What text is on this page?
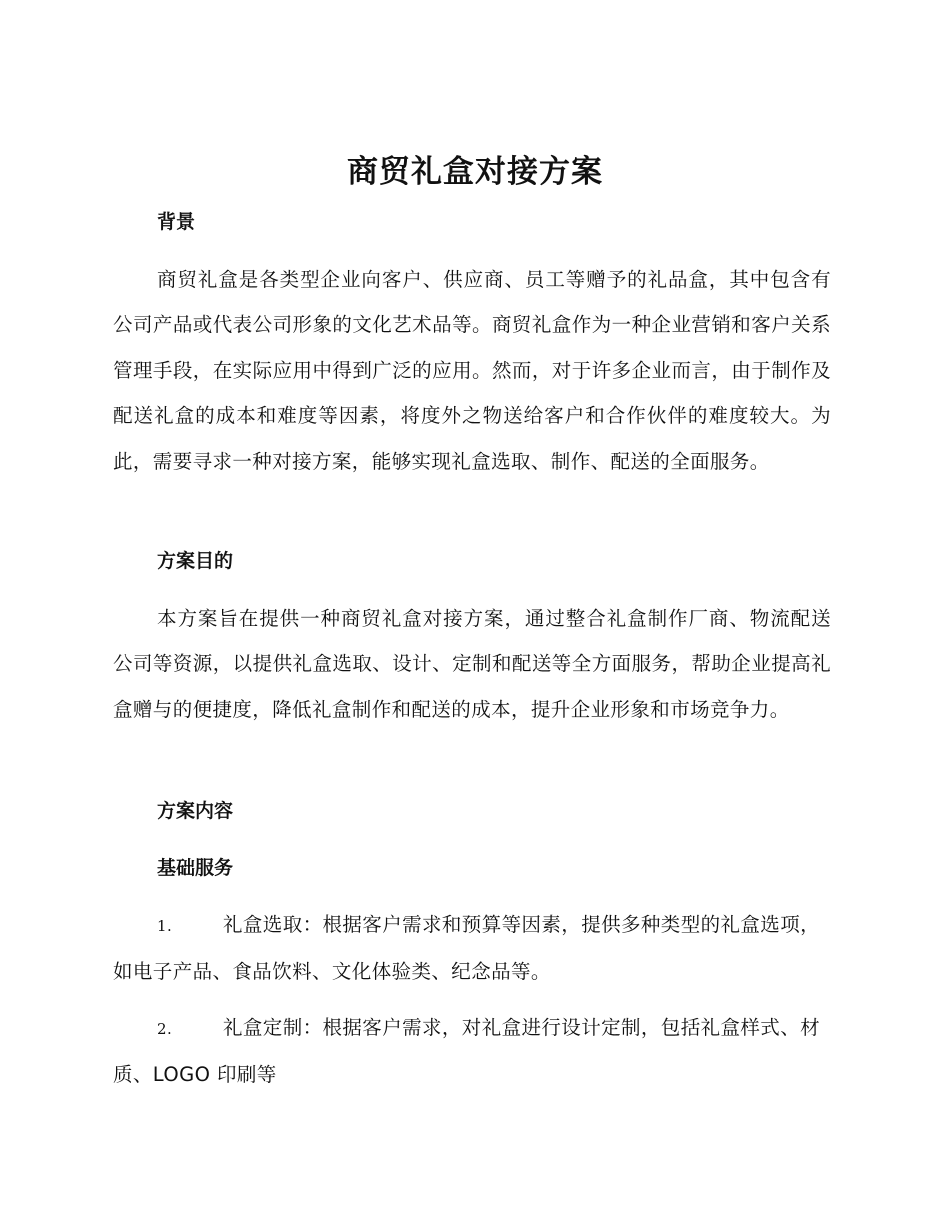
商贸礼盒对接方案
背景
商贸礼盒是各类型企业向客户、供应商、员工等赠予的礼品盒，其中包含有公司产品或代表公司形象的文化艺术品等。商贸礼盒作为一种企业营销和客户关系管理手段，在实际应用中得到广泛的应用。然而，对于许多企业而言，由于制作及配送礼盒的成本和难度等因素，将度外之物送给客户和合作伙伴的难度较大。为此，需要寻求一种对接方案，能够实现礼盒选取、制作、配送的全面服务。
方案目的
本方案旨在提供一种商贸礼盒对接方案，通过整合礼盒制作厂商、物流配送公司等资源，以提供礼盒选取、设计、定制和配送等全方面服务，帮助企业提高礼盒赠与的便捷度，降低礼盒制作和配送的成本，提升企业形象和市场竞争力。
方案内容
基础服务
1.	礼盒选取：根据客户需求和预算等因素，提供多种类型的礼盒选项，如电子产品、食品饮料、文化体验类、纪念品等。
2.	礼盒定制：根据客户需求，对礼盒进行设计定制，包括礼盒样式、材质、LOGO 印刷等
